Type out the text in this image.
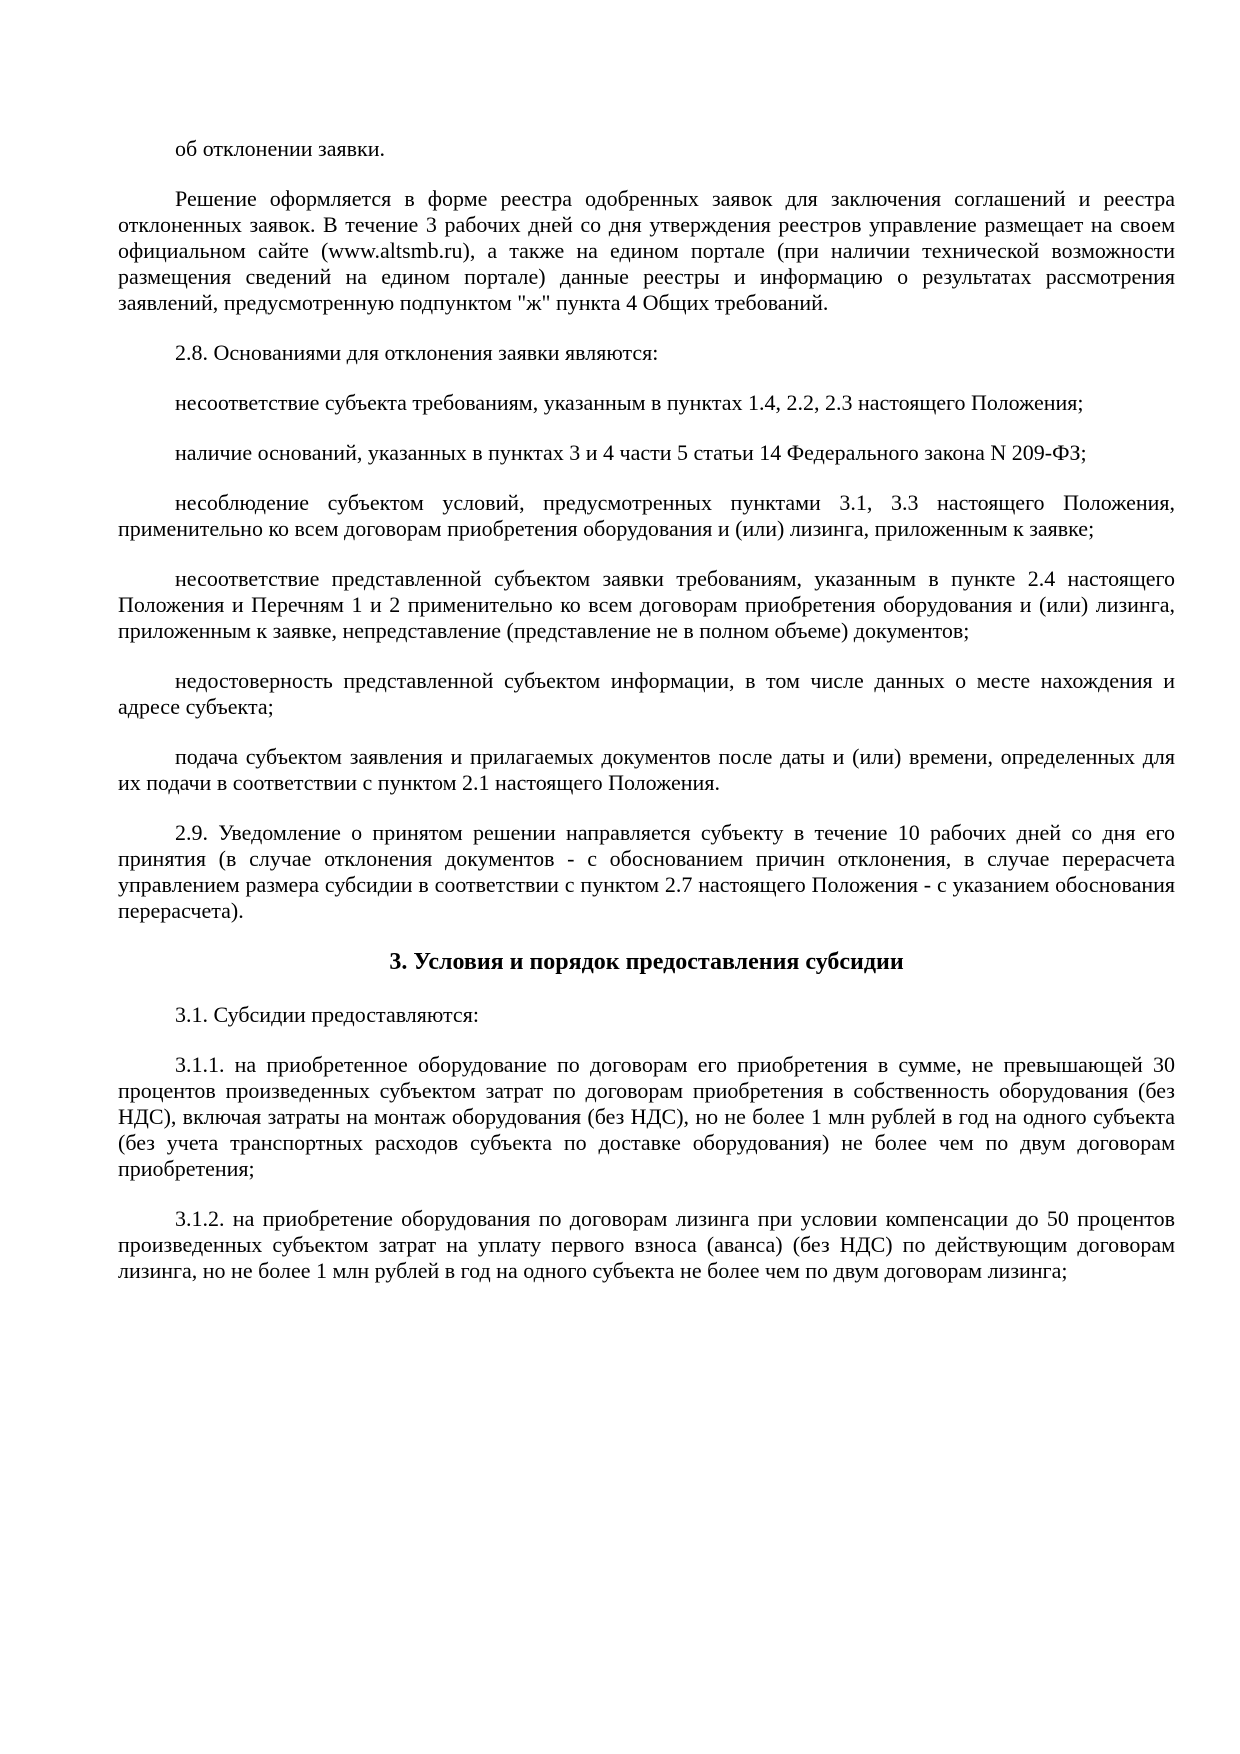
об отклонении заявки.

Решение оформляется в форме реестра одобренных заявок для заключения соглашений и реестра отклоненных заявок. В течение 3 рабочих дней со дня утверждения реестров управление размещает на своем официальном сайте (www.altsmb.ru), а также на едином портале (при наличии технической возможности размещения сведений на едином портале) данные реестры и информацию о результатах рассмотрения заявлений, предусмотренную подпунктом "ж" пункта 4 Общих требований.

2.8. Основаниями для отклонения заявки являются:

несоответствие субъекта требованиям, указанным в пунктах 1.4, 2.2, 2.3 настоящего Положения;

наличие оснований, указанных в пунктах 3 и 4 части 5 статьи 14 Федерального закона N 209-ФЗ;

несоблюдение субъектом условий, предусмотренных пунктами 3.1, 3.3 настоящего Положения, применительно ко всем договорам приобретения оборудования и (или) лизинга, приложенным к заявке;

несоответствие представленной субъектом заявки требованиям, указанным в пункте 2.4 настоящего Положения и Перечням 1 и 2 применительно ко всем договорам приобретения оборудования и (или) лизинга, приложенным к заявке, непредставление (представление не в полном объеме) документов;

недостоверность представленной субъектом информации, в том числе данных о месте нахождения и адресе субъекта;

подача субъектом заявления и прилагаемых документов после даты и (или) времени, определенных для их подачи в соответствии с пунктом 2.1 настоящего Положения.

2.9. Уведомление о принятом решении направляется субъекту в течение 10 рабочих дней со дня его принятия (в случае отклонения документов - с обоснованием причин отклонения, в случае перерасчета управлением размера субсидии в соответствии с пунктом 2.7 настоящего Положения - с указанием обоснования перерасчета).

3. Условия и порядок предоставления субсидии

3.1. Субсидии предоставляются:

3.1.1. на приобретенное оборудование по договорам его приобретения в сумме, не превышающей 30 процентов произведенных субъектом затрат по договорам приобретения в собственность оборудования (без НДС), включая затраты на монтаж оборудования (без НДС), но не более 1 млн рублей в год на одного субъекта (без учета транспортных расходов субъекта по доставке оборудования) не более чем по двум договорам приобретения;

3.1.2. на приобретение оборудования по договорам лизинга при условии компенсации до 50 процентов произведенных субъектом затрат на уплату первого взноса (аванса) (без НДС) по действующим договорам лизинга, но не более 1 млн рублей в год на одного субъекта не более чем по двум договорам лизинга;
